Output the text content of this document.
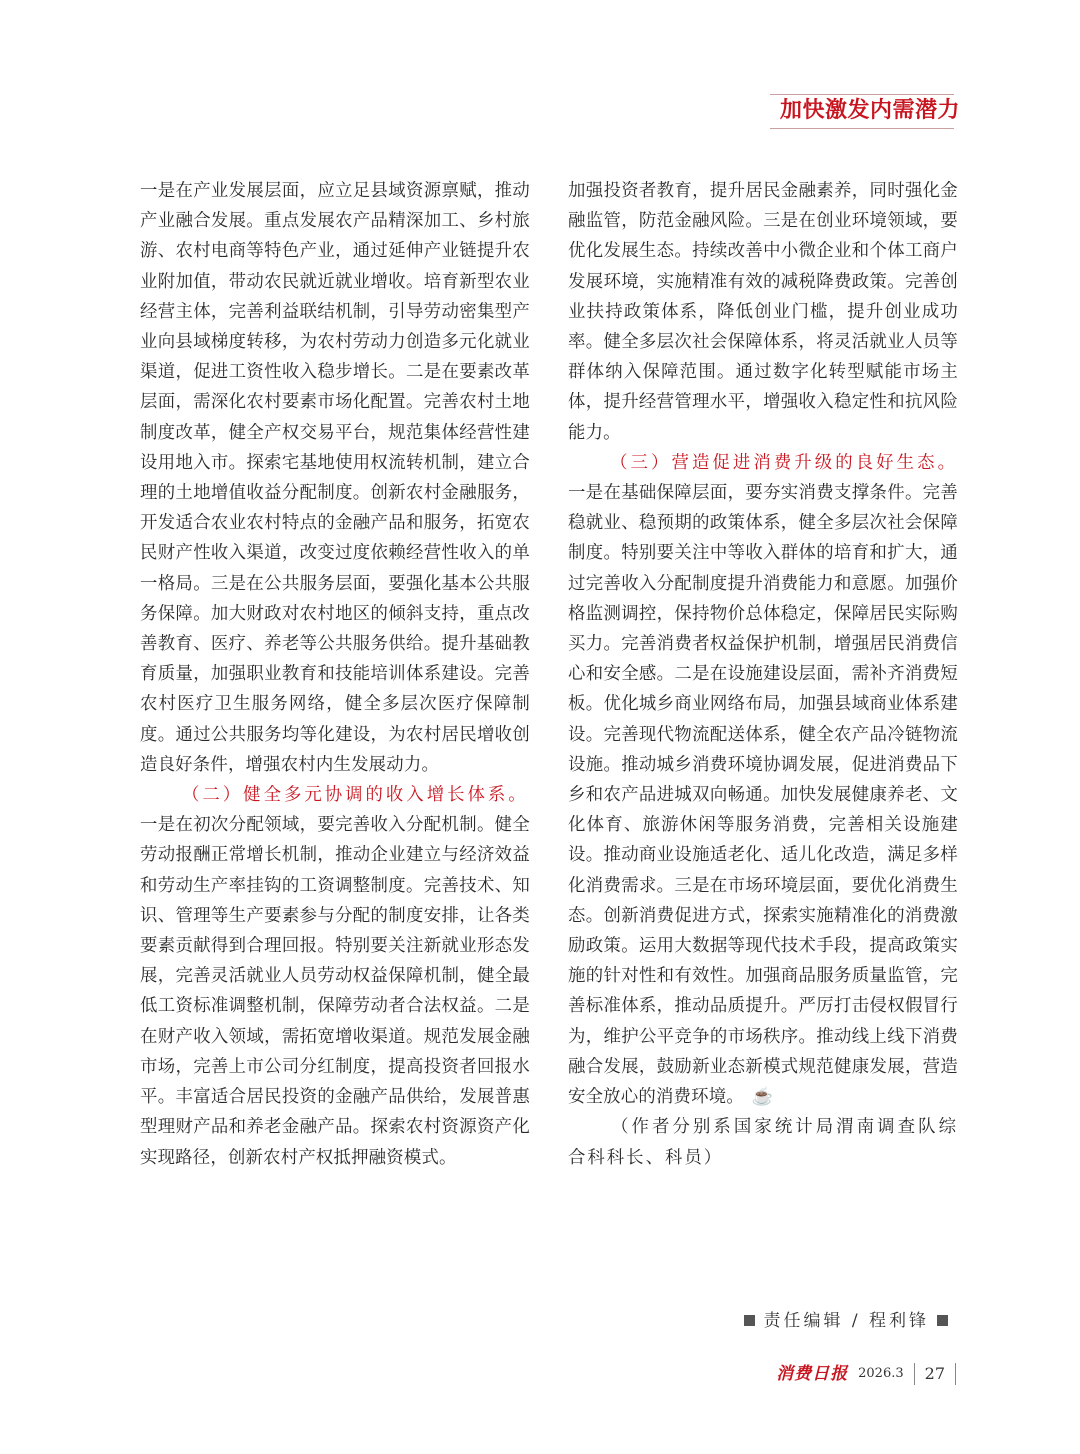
加快激发内需潜力

一是在产业发展层面，应立足县域资源禀赋，推动产业融合发展。重点发展农产品精深加工、乡村旅游、农村电商等特色产业，通过延伸产业链提升农业附加值，带动农民就近就业增收。培育新型农业经营主体，完善利益联结机制，引导劳动密集型产业向县域梯度转移，为农村劳动力创造多元化就业渠道，促进工资性收入稳步增长。二是在要素改革层面，需深化农村要素市场化配置。完善农村土地制度改革，健全产权交易平台，规范集体经营性建设用地入市。探索宅基地使用权流转机制，建立合理的土地增值收益分配制度。创新农村金融服务，开发适合农业农村特点的金融产品和服务，拓宽农民财产性收入渠道，改变过度依赖经营性收入的单一格局。三是在公共服务层面，要强化基本公共服务保障。加大财政对农村地区的倾斜支持，重点改善教育、医疗、养老等公共服务供给。提升基础教育质量，加强职业教育和技能培训体系建设。完善农村医疗卫生服务网络，健全多层次医疗保障制度。通过公共服务均等化建设，为农村居民增收创造良好条件，增强农村内生发展动力。

（二）健全多元协调的收入增长体系。

一是在初次分配领域，要完善收入分配机制。健全劳动报酬正常增长机制，推动企业建立与经济效益和劳动生产率挂钩的工资调整制度。完善技术、知识、管理等生产要素参与分配的制度安排，让各类要素贡献得到合理回报。特别要关注新就业形态发展，完善灵活就业人员劳动权益保障机制，健全最低工资标准调整机制，保障劳动者合法权益。二是在财产收入领域，需拓宽增收渠道。规范发展金融市场，完善上市公司分红制度，提高投资者回报水平。丰富适合居民投资的金融产品供给，发展普惠型理财产品和养老金融产品。探索农村资源资产化实现路径，创新农村产权抵押融资模式。

加强投资者教育，提升居民金融素养，同时强化金融监管，防范金融风险。三是在创业环境领域，要优化发展生态。持续改善中小微企业和个体工商户发展环境，实施精准有效的减税降费政策。完善创业扶持政策体系，降低创业门槛，提升创业成功率。健全多层次社会保障体系，将灵活就业人员等群体纳入保障范围。通过数字化转型赋能市场主体，提升经营管理水平，增强收入稳定性和抗风险能力。

（三）营造促进消费升级的良好生态。一是在基础保障层面，要夯实消费支撑条件。完善稳就业、稳预期的政策体系，健全多层次社会保障制度。特别要关注中等收入群体的培育和扩大，通过完善收入分配制度提升消费能力和意愿。加强价格监测调控，保持物价总体稳定，保障居民实际购买力。完善消费者权益保护机制，增强居民消费信心和安全感。二是在设施建设层面，需补齐消费短板。优化城乡商业网络布局，加强县域商业体系建设。完善现代物流配送体系，健全农产品冷链物流设施。推动城乡消费环境协调发展，促进消费品下乡和农产品进城双向畅通。加快发展健康养老、文化体育、旅游休闲等服务消费，完善相关设施建设。推动商业设施适老化、适儿化改造，满足多样化消费需求。三是在市场环境层面，要优化消费生态。创新消费促进方式，探索实施精准化的消费激励政策。运用大数据等现代技术手段，提高政策实施的针对性和有效性。加强商品服务质量监管，完善标准体系，推动品质提升。严厉打击侵权假冒行为，维护公平竞争的市场秩序。推动线上线下消费融合发展，鼓励新业态新模式规范健康发展，营造安全放心的消费环境。 ☕

（作者分别系国家统计局渭南调查队综合科科长、科员）

责任编辑 / 程利锋
消费日报 2026.3 27
